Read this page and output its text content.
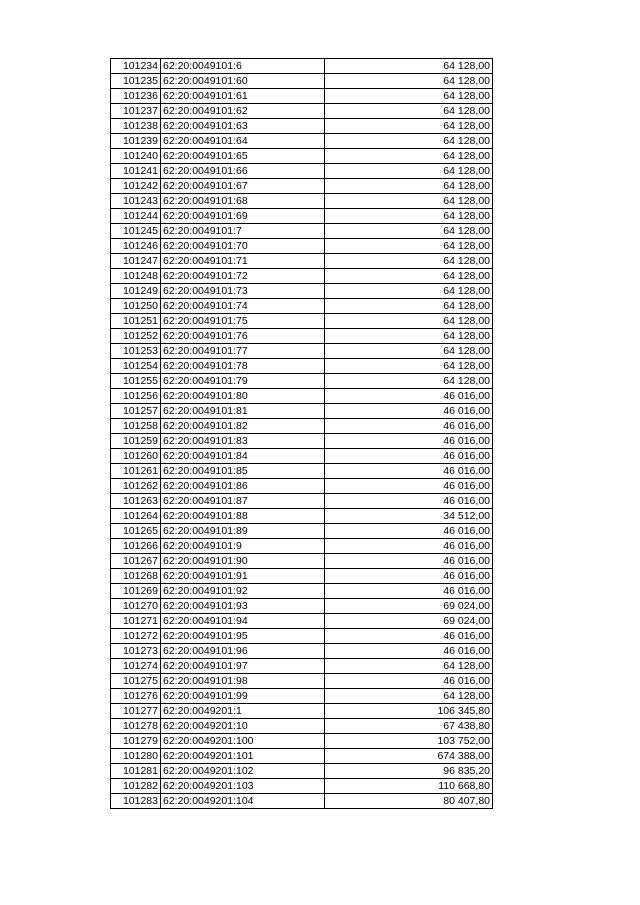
101234	62:20:0049101:6	64 128,00
101235	62:20:0049101:60	64 128,00
101236	62:20:0049101:61	64 128,00
101237	62:20:0049101:62	64 128,00
101238	62:20:0049101:63	64 128,00
101239	62:20:0049101:64	64 128,00
101240	62:20:0049101:65	64 128,00
101241	62:20:0049101:66	64 128,00
101242	62:20:0049101:67	64 128,00
101243	62:20:0049101:68	64 128,00
101244	62:20:0049101:69	64 128,00
101245	62:20:0049101:7	64 128,00
101246	62:20:0049101:70	64 128,00
101247	62:20:0049101:71	64 128,00
101248	62:20:0049101:72	64 128,00
101249	62:20:0049101:73	64 128,00
101250	62:20:0049101:74	64 128,00
101251	62:20:0049101:75	64 128,00
101252	62:20:0049101:76	64 128,00
101253	62:20:0049101:77	64 128,00
101254	62:20:0049101:78	64 128,00
101255	62:20:0049101:79	64 128,00
101256	62:20:0049101:80	46 016,00
101257	62:20:0049101:81	46 016,00
101258	62:20:0049101:82	46 016,00
101259	62:20:0049101:83	46 016,00
101260	62:20:0049101:84	46 016,00
101261	62:20:0049101:85	46 016,00
101262	62:20:0049101:86	46 016,00
101263	62:20:0049101:87	46 016,00
101264	62:20:0049101:88	34 512,00
101265	62:20:0049101:89	46 016,00
101266	62:20:0049101:9	46 016,00
101267	62:20:0049101:90	46 016,00
101268	62:20:0049101:91	46 016,00
101269	62:20:0049101:92	46 016,00
101270	62:20:0049101:93	69 024,00
101271	62:20:0049101:94	69 024,00
101272	62:20:0049101:95	46 016,00
101273	62:20:0049101:96	46 016,00
101274	62:20:0049101:97	64 128,00
101275	62:20:0049101:98	46 016,00
101276	62:20:0049101:99	64 128,00
101277	62:20:0049201:1	106 345,80
101278	62:20:0049201:10	67 438,80
101279	62:20:0049201:100	103 752,00
101280	62:20:0049201:101	674 388,00
101281	62:20:0049201:102	96 835,20
101282	62:20:0049201:103	110 668,80
101283	62:20:0049201:104	80 407,80
